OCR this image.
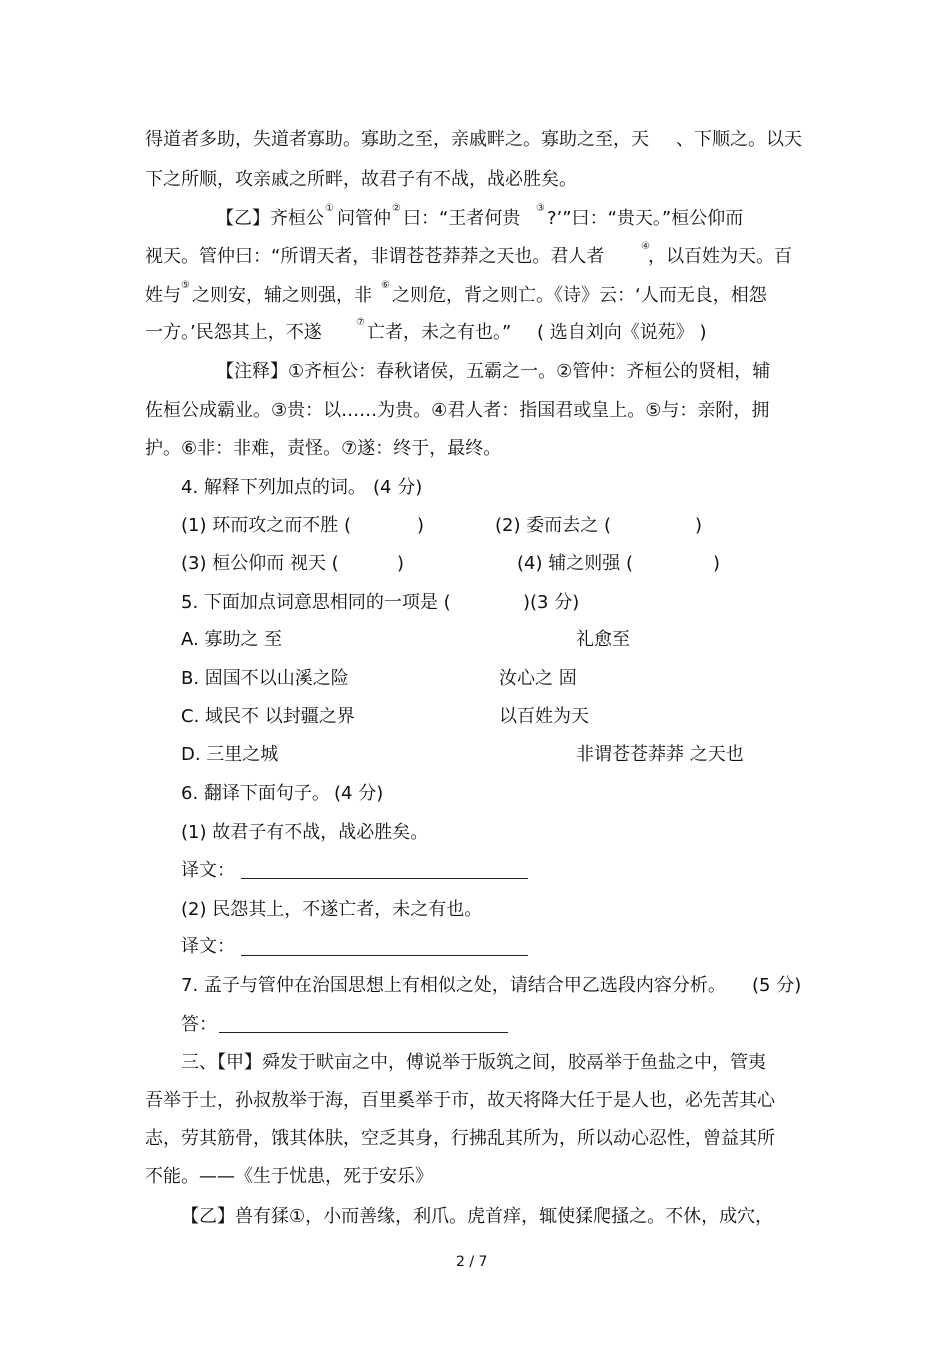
得道者多助，失道者寡助。寡助之至，亲戚畔之。寡助之至，天 、下顺之。以天
下之所顺，攻亲戚之所畔，故君子有不战，战必胜矣。
【乙】齐桓公 ① 问管仲 ② 曰：“王者何贵 ③ ?’”曰：“贵天。”桓公仰而
视天。管仲曰：“所谓天者，非谓苍苍莽莽之天也。君人者	④
，以百姓为天。百
姓与 ⑤ 之则安，辅之则强，非 ⑥ 之则危，背之则亡。《诗》云：‘人而无良，相怨
一方。’民怨其上，不遂	⑦ 亡者，未之有也。” ( 选自刘向《说苑》 )
【注释】①齐桓公：春秋诸侯，五霸之一。②管仲：齐桓公的贤相，辅
佐桓公成霸业。③贵：以……为贵。④君人者：指国君或皇上。⑤与：亲附，拥
护。⑥非：非难，责怪。⑦遂：终于，最终。
4. 解释下列加点的词。 (4 分)
(1) 环而攻之而不胜 (	)	(2) 委而去之 (	)
(3) 桓公仰而 视天 (	)	(4) 辅之则强 (	)
5. 下面加点词意思相同的一项是 (	)(3 分)
A. 寡助之 至	礼愈至
B. 固国不以山溪之险	汝心之 固
C. 域民不 以封疆之界	以百姓为天
D. 三里之城	非谓苍苍莽莽 之天也
6. 翻译下面句子。 (4 分)
(1) 故君子有不战，战必胜矣。
译文：
(2) 民怨其上，不遂亡者，未之有也。
译文：
7. 孟子与管仲在治国思想上有相似之处，请结合甲乙选段内容分析。 (5 分)
答：
三、【甲】舜发于畎亩之中，傅说举于版筑之间，胶鬲举于鱼盐之中，管夷
吾举于士，孙叔敖举于海，百里奚举于市，故天将降大任于是人也，必先苦其心
志，劳其筋骨，饿其体肤，空乏其身，行拂乱其所为，所以动心忍性，曾益其所
不能。——《生于忧患，死于安乐》
【乙】兽有猱①，小而善缘，利爪。虎首痒，辄使猱爬搔之。不休，成穴，
2 / 7
